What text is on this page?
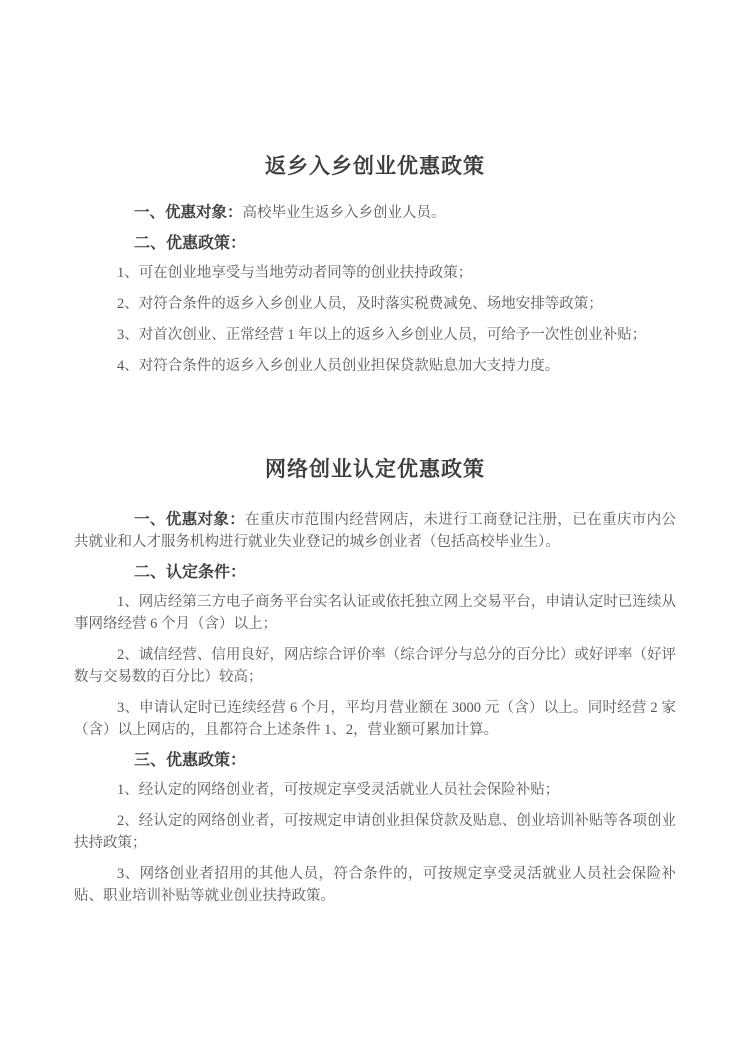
返乡入乡创业优惠政策
一、优惠对象：高校毕业生返乡入乡创业人员。
二、优惠政策：
1、可在创业地享受与当地劳动者同等的创业扶持政策；
2、对符合条件的返乡入乡创业人员，及时落实税费减免、场地安排等政策；
3、对首次创业、正常经营 1 年以上的返乡入乡创业人员，可给予一次性创业补贴；
4、对符合条件的返乡入乡创业人员创业担保贷款贴息加大支持力度。
网络创业认定优惠政策
一、优惠对象：在重庆市范围内经营网店，未进行工商登记注册，已在重庆市内公共就业和人才服务机构进行就业失业登记的城乡创业者（包括高校毕业生）。
二、认定条件：
1、网店经第三方电子商务平台实名认证或依托独立网上交易平台，申请认定时已连续从事网络经营 6 个月（含）以上；
2、诚信经营、信用良好，网店综合评价率（综合评分与总分的百分比）或好评率（好评数与交易数的百分比）较高；
3、申请认定时已连续经营 6 个月，平均月营业额在 3000 元（含）以上。同时经营 2 家（含）以上网店的，且都符合上述条件 1、2，营业额可累加计算。
三、优惠政策：
1、经认定的网络创业者，可按规定享受灵活就业人员社会保险补贴；
2、经认定的网络创业者，可按规定申请创业担保贷款及贴息、创业培训补贴等各项创业扶持政策；
3、网络创业者招用的其他人员，符合条件的，可按规定享受灵活就业人员社会保险补贴、职业培训补贴等就业创业扶持政策。
